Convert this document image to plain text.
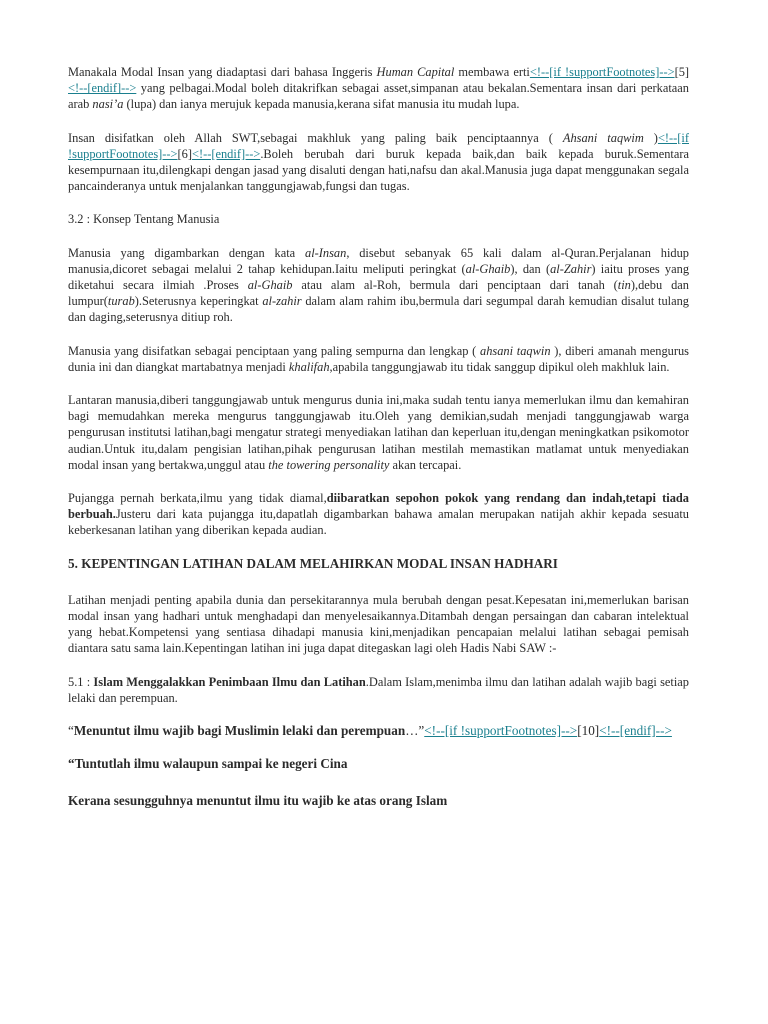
Manakala Modal Insan yang diadaptasi dari bahasa Inggeris Human Capital membawa erti<!--[if !supportFootnotes]-->[5]<!--[endif]--> yang pelbagai.Modal boleh ditakrifkan sebagai asset,simpanan atau bekalan.Sementara insan dari perkataan arab nasi’a (lupa) dan ianya merujuk kepada manusia,kerana sifat manusia itu mudah lupa.

Insan disifatkan oleh Allah SWT,sebagai makhluk yang paling baik penciptaannya ( Ahsani taqwim )<!--[if !supportFootnotes]-->[6]<!--[endif]-->.Boleh berubah dari buruk kepada baik,dan baik kepada buruk.Sementara kesempurnaan itu,dilengkapi dengan jasad yang disaluti dengan hati,nafsu dan akal.Manusia juga dapat menggunakan segala pancainderanya untuk menjalankan tanggungjawab,fungsi dan tugas.

3.2 : Konsep Tentang Manusia

Manusia yang digambarkan dengan kata al-Insan, disebut sebanyak 65 kali dalam al-Quran.Perjalanan hidup manusia,dicoret sebagai melalui 2 tahap kehidupan.Iaitu meliputi peringkat (al-Ghaib), dan (al-Zahir) iaitu proses yang diketahui secara ilmiah .Proses al-Ghaib atau alam al-Roh, bermula dari penciptaan dari tanah (tin),debu dan lumpur(turab).Seterusnya keperingkat al-zahir dalam alam rahim ibu,bermula dari segumpal darah kemudian disalut tulang dan daging,seterusnya ditiup roh.

Manusia yang disifatkan sebagai penciptaan yang paling sempurna dan lengkap ( ahsani taqwin ), diberi amanah mengurus dunia ini dan diangkat martabatnya menjadi khalifah,apabila tanggungjawab itu tidak sanggup dipikul oleh makhluk lain.

Lantaran manusia,diberi tanggungjawab untuk mengurus dunia ini,maka sudah tentu ianya memerlukan ilmu dan kemahiran bagi memudahkan mereka mengurus tanggungjawab itu.Oleh yang demikian,sudah menjadi tanggungjawab warga pengurusan institutsi latihan,bagi mengatur strategi menyediakan latihan dan keperluan itu,dengan meningkatkan psikomotor audian.Untuk itu,dalam pengisian latihan,pihak pengurusan latihan mestilah memastikan matlamat untuk menyediakan modal insan yang bertakwa,unggul atau the towering personality akan tercapai.

Pujangga pernah berkata,ilmu yang tidak diamal,diibaratkan sepohon pokok yang rendang dan indah,tetapi tiada berbuah.Justeru dari kata pujangga itu,dapatlah digambarkan bahawa amalan merupakan natijah akhir kepada sesuatu keberkesanan latihan yang diberikan kepada audian.

5. KEPENTINGAN LATIHAN DALAM MELAHIRKAN MODAL INSAN HADHARI

Latihan menjadi penting apabila dunia dan persekitarannya mula berubah dengan pesat.Kepesatan ini,memerlukan barisan modal insan yang hadhari untuk menghadapi dan menyelesaikannya.Ditambah dengan persaingan dan cabaran intelektual yang hebat.Kompetensi yang sentiasa dihadapi manusia kini,menjadikan pencapaian melalui latihan sebagai pemisah diantara satu sama lain.Kepentingan latihan ini juga dapat ditegaskan lagi oleh Hadis Nabi SAW :-

5.1 : Islam Menggalakkan Penimbaan Ilmu dan Latihan.Dalam Islam,menimba ilmu dan latihan adalah wajib bagi setiap lelaki dan perempuan.

“Menuntut ilmu wajib bagi Muslimin lelaki dan perempuan…”<!--[if !supportFootnotes]-->[10]<!--[endif]-->

“Tuntutlah ilmu walaupun sampai ke negeri Cina

Kerana sesungguhnya menuntut ilmu itu wajib ke atas orang Islam
